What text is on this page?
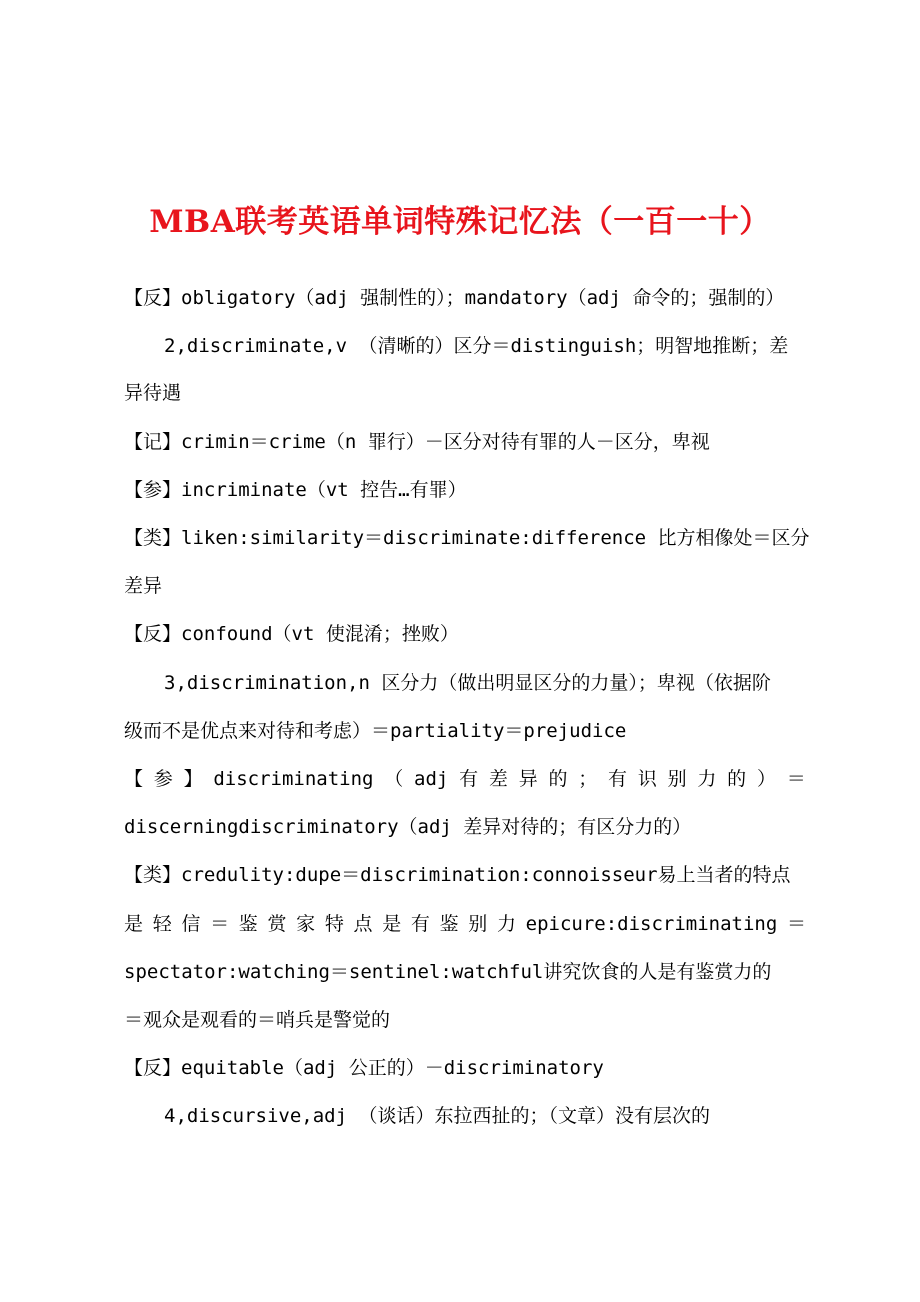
MBA联考英语单词特殊记忆法（一百一十）
【反】obligatory（adj 强制性的）；mandatory（adj 命令的；强制的）
2,discriminate,v （清晰的）区分＝distinguish；明智地推断；差
异待遇
【记】crimin＝crime（n 罪行）－区分对待有罪的人－区分，卑视
【参】incriminate（vt 控告…有罪）
【类】liken:similarity＝discriminate:difference 比方相像处＝区分
差异
【反】confound（vt 使混淆；挫败）
3,discrimination,n 区分力（做出明显区分的力量）；卑视（依据阶
级而不是优点来对待和考虑）＝partiality＝prejudice
【 参 】 discriminating （ adj 有 差 异 的 ； 有 识 别 力 的 ） ＝
discerningdiscriminatory（adj 差异对待的；有区分力的）
【类】credulity:dupe＝discrimination:connoisseur易上当者的特点
是 轻 信 ＝ 鉴 赏 家 特 点 是 有 鉴 别 力 epicure:discriminating ＝
spectator:watching＝sentinel:watchful讲究饮食的人是有鉴赏力的
＝观众是观看的＝哨兵是警觉的
【反】equitable（adj 公正的）－discriminatory
4,discursive,adj （谈话）东拉西扯的；（文章）没有层次的
